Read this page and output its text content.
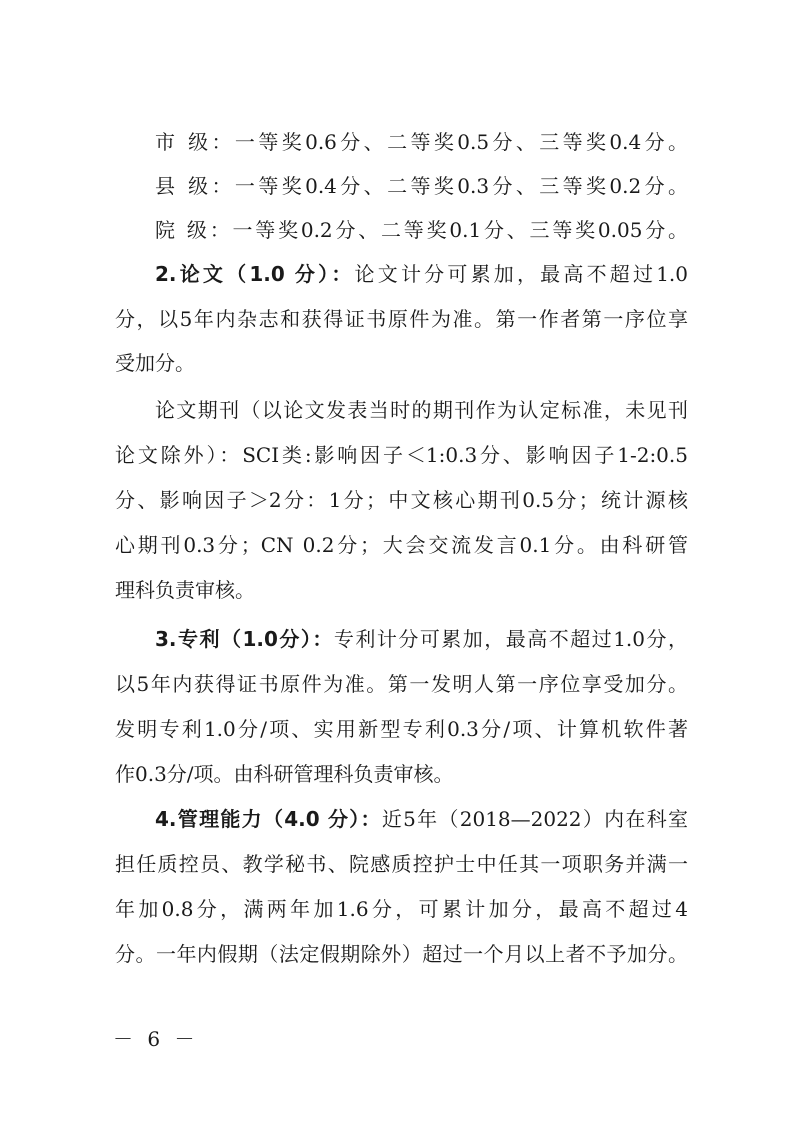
市 级：一等奖0.6分、二等奖0.5分、三等奖0.4分。
县 级：一等奖0.4分、二等奖0.3分、三等奖0.2分。
院 级：一等奖0.2分、二等奖0.1分、三等奖0.05分。
2.论文（1.0 分）：论文计分可累加，最高不超过1.0
分，以5年内杂志和获得证书原件为准。第一作者第一序位享
受加分。
论文期刊（以论文发表当时的期刊作为认定标准，未见刊
论文除外）：SCI类:影响因子＜1:0.3分、影响因子1-2:0.5
分、影响因子＞2分：1分；中文核心期刊0.5分；统计源核
心期刊0.3分；CN 0.2分；大会交流发言0.1分。由科研管
理科负责审核。
3.专利（1.0分）：专利计分可累加，最高不超过1.0分，
以5年内获得证书原件为准。第一发明人第一序位享受加分。
发明专利1.0分/项、实用新型专利0.3分/项、计算机软件著
作0.3分/项。由科研管理科负责审核。
4.管理能力（4.0 分）：近5年（2018—2022）内在科室
担任质控员、教学秘书、院感质控护士中任其一项职务并满一
年加0.8分，满两年加1.6分，可累计加分，最高不超过4
分。一年内假期（法定假期除外）超过一个月以上者不予加分。
－ 6 －
